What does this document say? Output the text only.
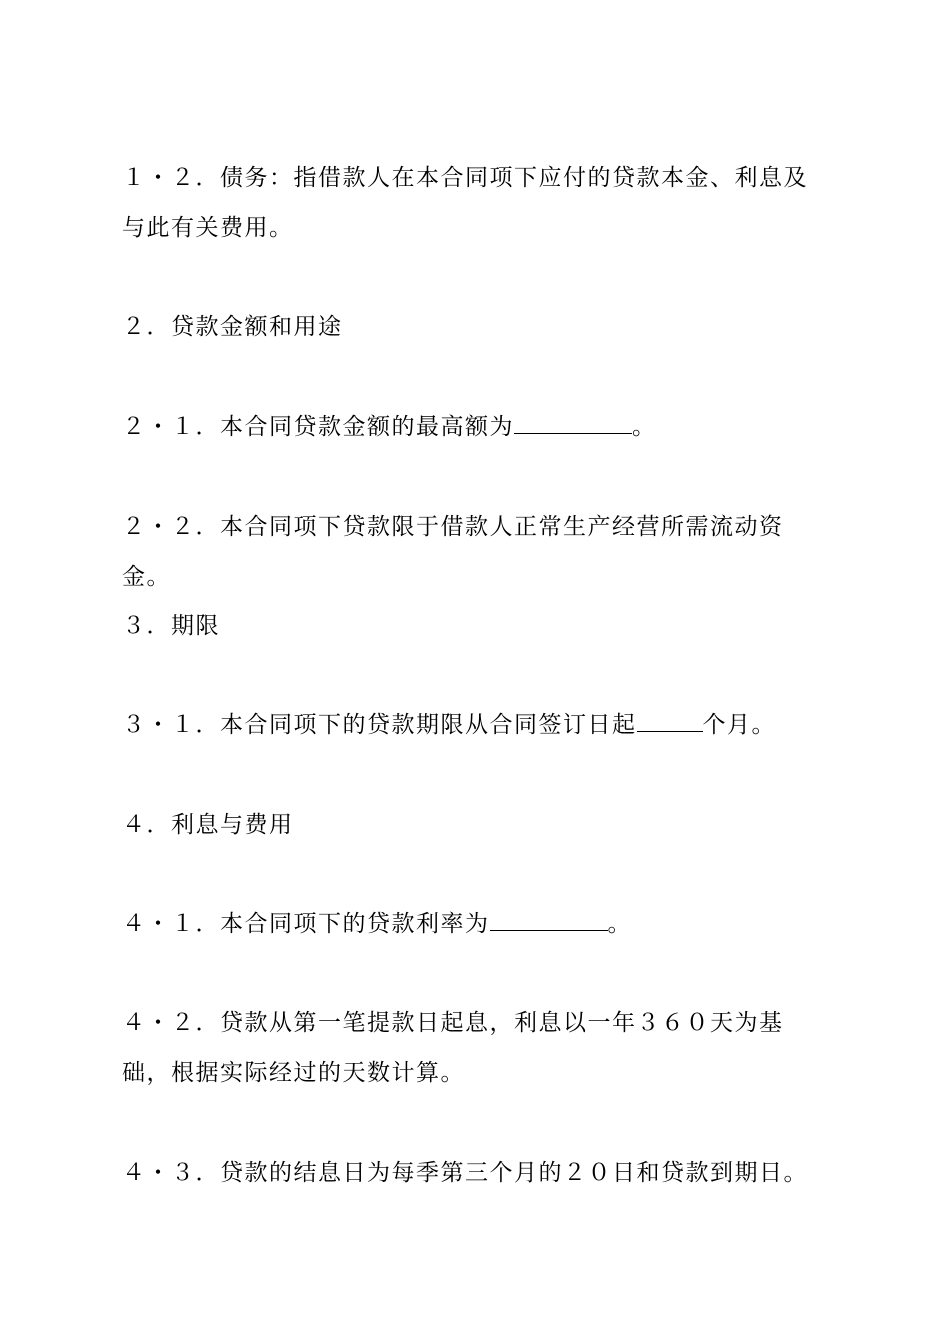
１・２．债务：指借款人在本合同项下应付的贷款本金、利息及与此有关费用。

２．贷款金额和用途

２・１．本合同贷款金额的最高额为	。

２・２．本合同项下贷款限于借款人正常生产经营所需流动资金。

３．期限

３・１．本合同项下的贷款期限从合同签订日起	个月。

４．利息与费用

４・１．本合同项下的贷款利率为	。

４・２．贷款从第一笔提款日起息，利息以一年３６０天为基础，根据实际经过的天数计算。

４・３．贷款的结息日为每季第三个月的２０日和贷款到期日。
